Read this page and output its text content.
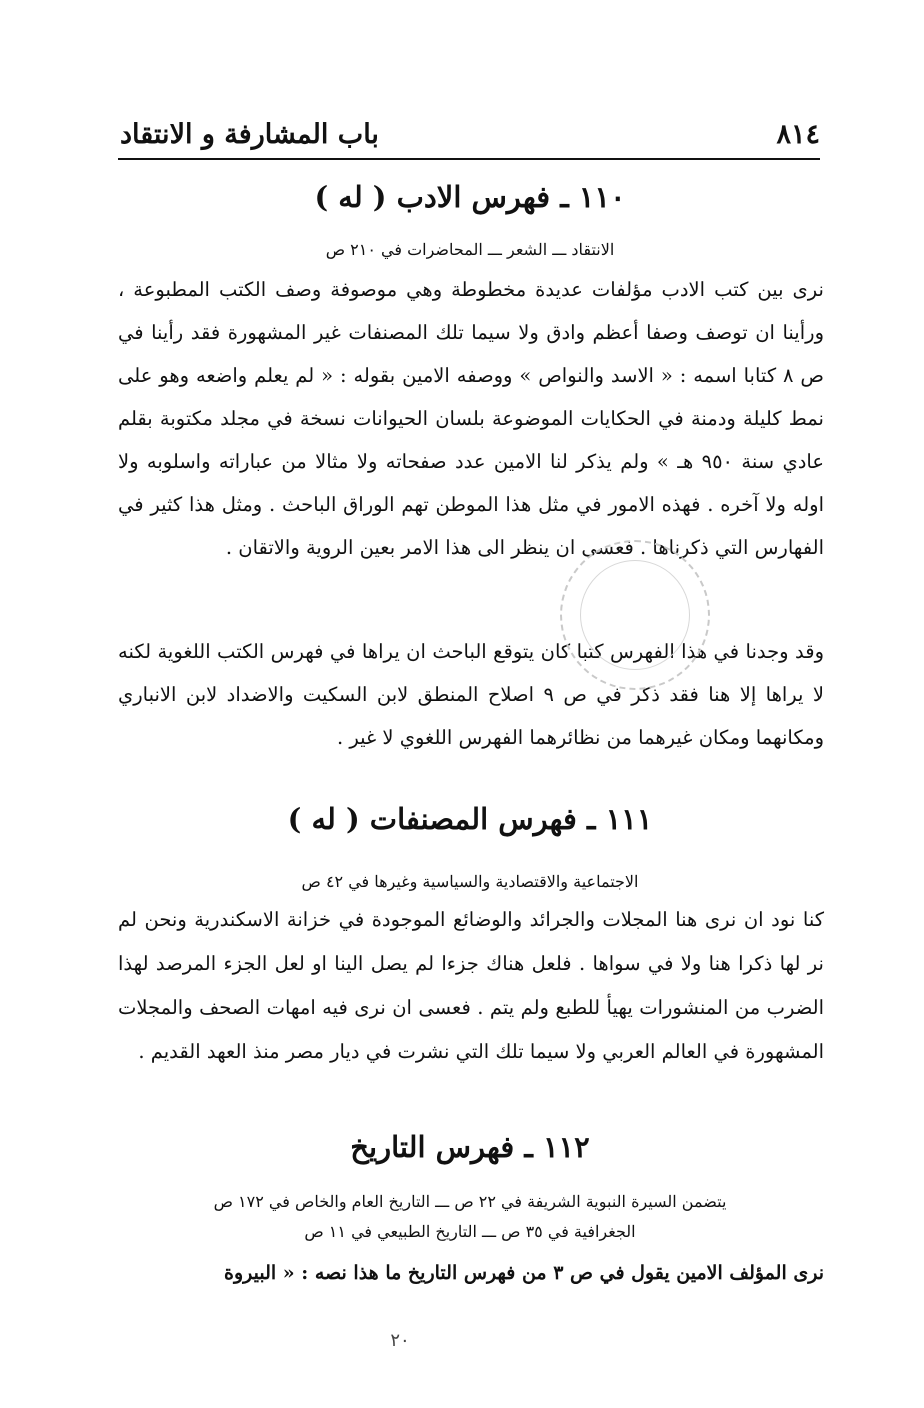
٨١٤
باب المشارفة و الانتقاد
١١٠ ـ فهرس الادب ( له )
الانتقاد ـــ الشعر ـــ المحاضرات في ٢١٠ ص

نرى بين كتب الادب مؤلفات عديدة مخطوطة وهي موصوفة وصف الكتب المطبوعة ، ورأينا ان توصف وصفا أعظم وادق ولا سيما تلك المصنفات غير المشهورة فقد رأينا في ص ٨ كتابا اسمه : « الاسد والنواص » ووصفه الامين بقوله : « لم يعلم واضعه وهو على نمط كليلة ودمنة في الحكايات الموضوعة بلسان الحيوانات نسخة في مجلد مكتوبة بقلم عادي سنة ٩٥٠ هـ » ولم يذكر لنا الامين عدد صفحاته ولا مثالا من عباراته واسلوبه ولا اوله ولا آخره . فهذه الامور في مثل هذا الموطن تهم الوراق الباحث . ومثل هذا كثير في الفهارس التي ذكرناها . فعسى ان ينظر الى هذا الامر بعين الروية والاتقان .

وقد وجدنا في هذا الفهرس كتبا كان يتوقع الباحث ان يراها في فهرس الكتب اللغوية لكنه لا يراها إلا هنا فقد ذكر في ص ٩ اصلاح المنطق لابن السكيت والاضداد لابن الانباري ومكانهما ومكان غيرهما من نظائرهما الفهرس اللغوي لا غير .

١١١ ـ فهرس المصنفات ( له )
الاجتماعية والاقتصادية والسياسية وغيرها في ٤٢ ص

كنا نود ان نرى هنا المجلات والجرائد والوضائع الموجودة في خزانة الاسكندرية ونحن لم نر لها ذكرا هنا ولا في سواها . فلعل هناك جزءا لم يصل الينا او لعل الجزء المرصد لهذا الضرب من المنشورات يهيأ للطبع ولم يتم . فعسى ان نرى فيه امهات الصحف والمجلات المشهورة في العالم العربي ولا سيما تلك التي نشرت في ديار مصر منذ العهد القديم .

١١٢ ـ فهرس التاريخ
يتضمن السيرة النبوية الشريفة في ٢٢ ص ـــ التاريخ العام والخاص في ١٧٢ ص
الجغرافية في ٣٥ ص ـــ التاريخ الطبيعي في ١١ ص
نرى المؤلف الامين يقول في ص ٣ من فهرس التاريخ ما هذا نصه : « البيروة
٢٠
